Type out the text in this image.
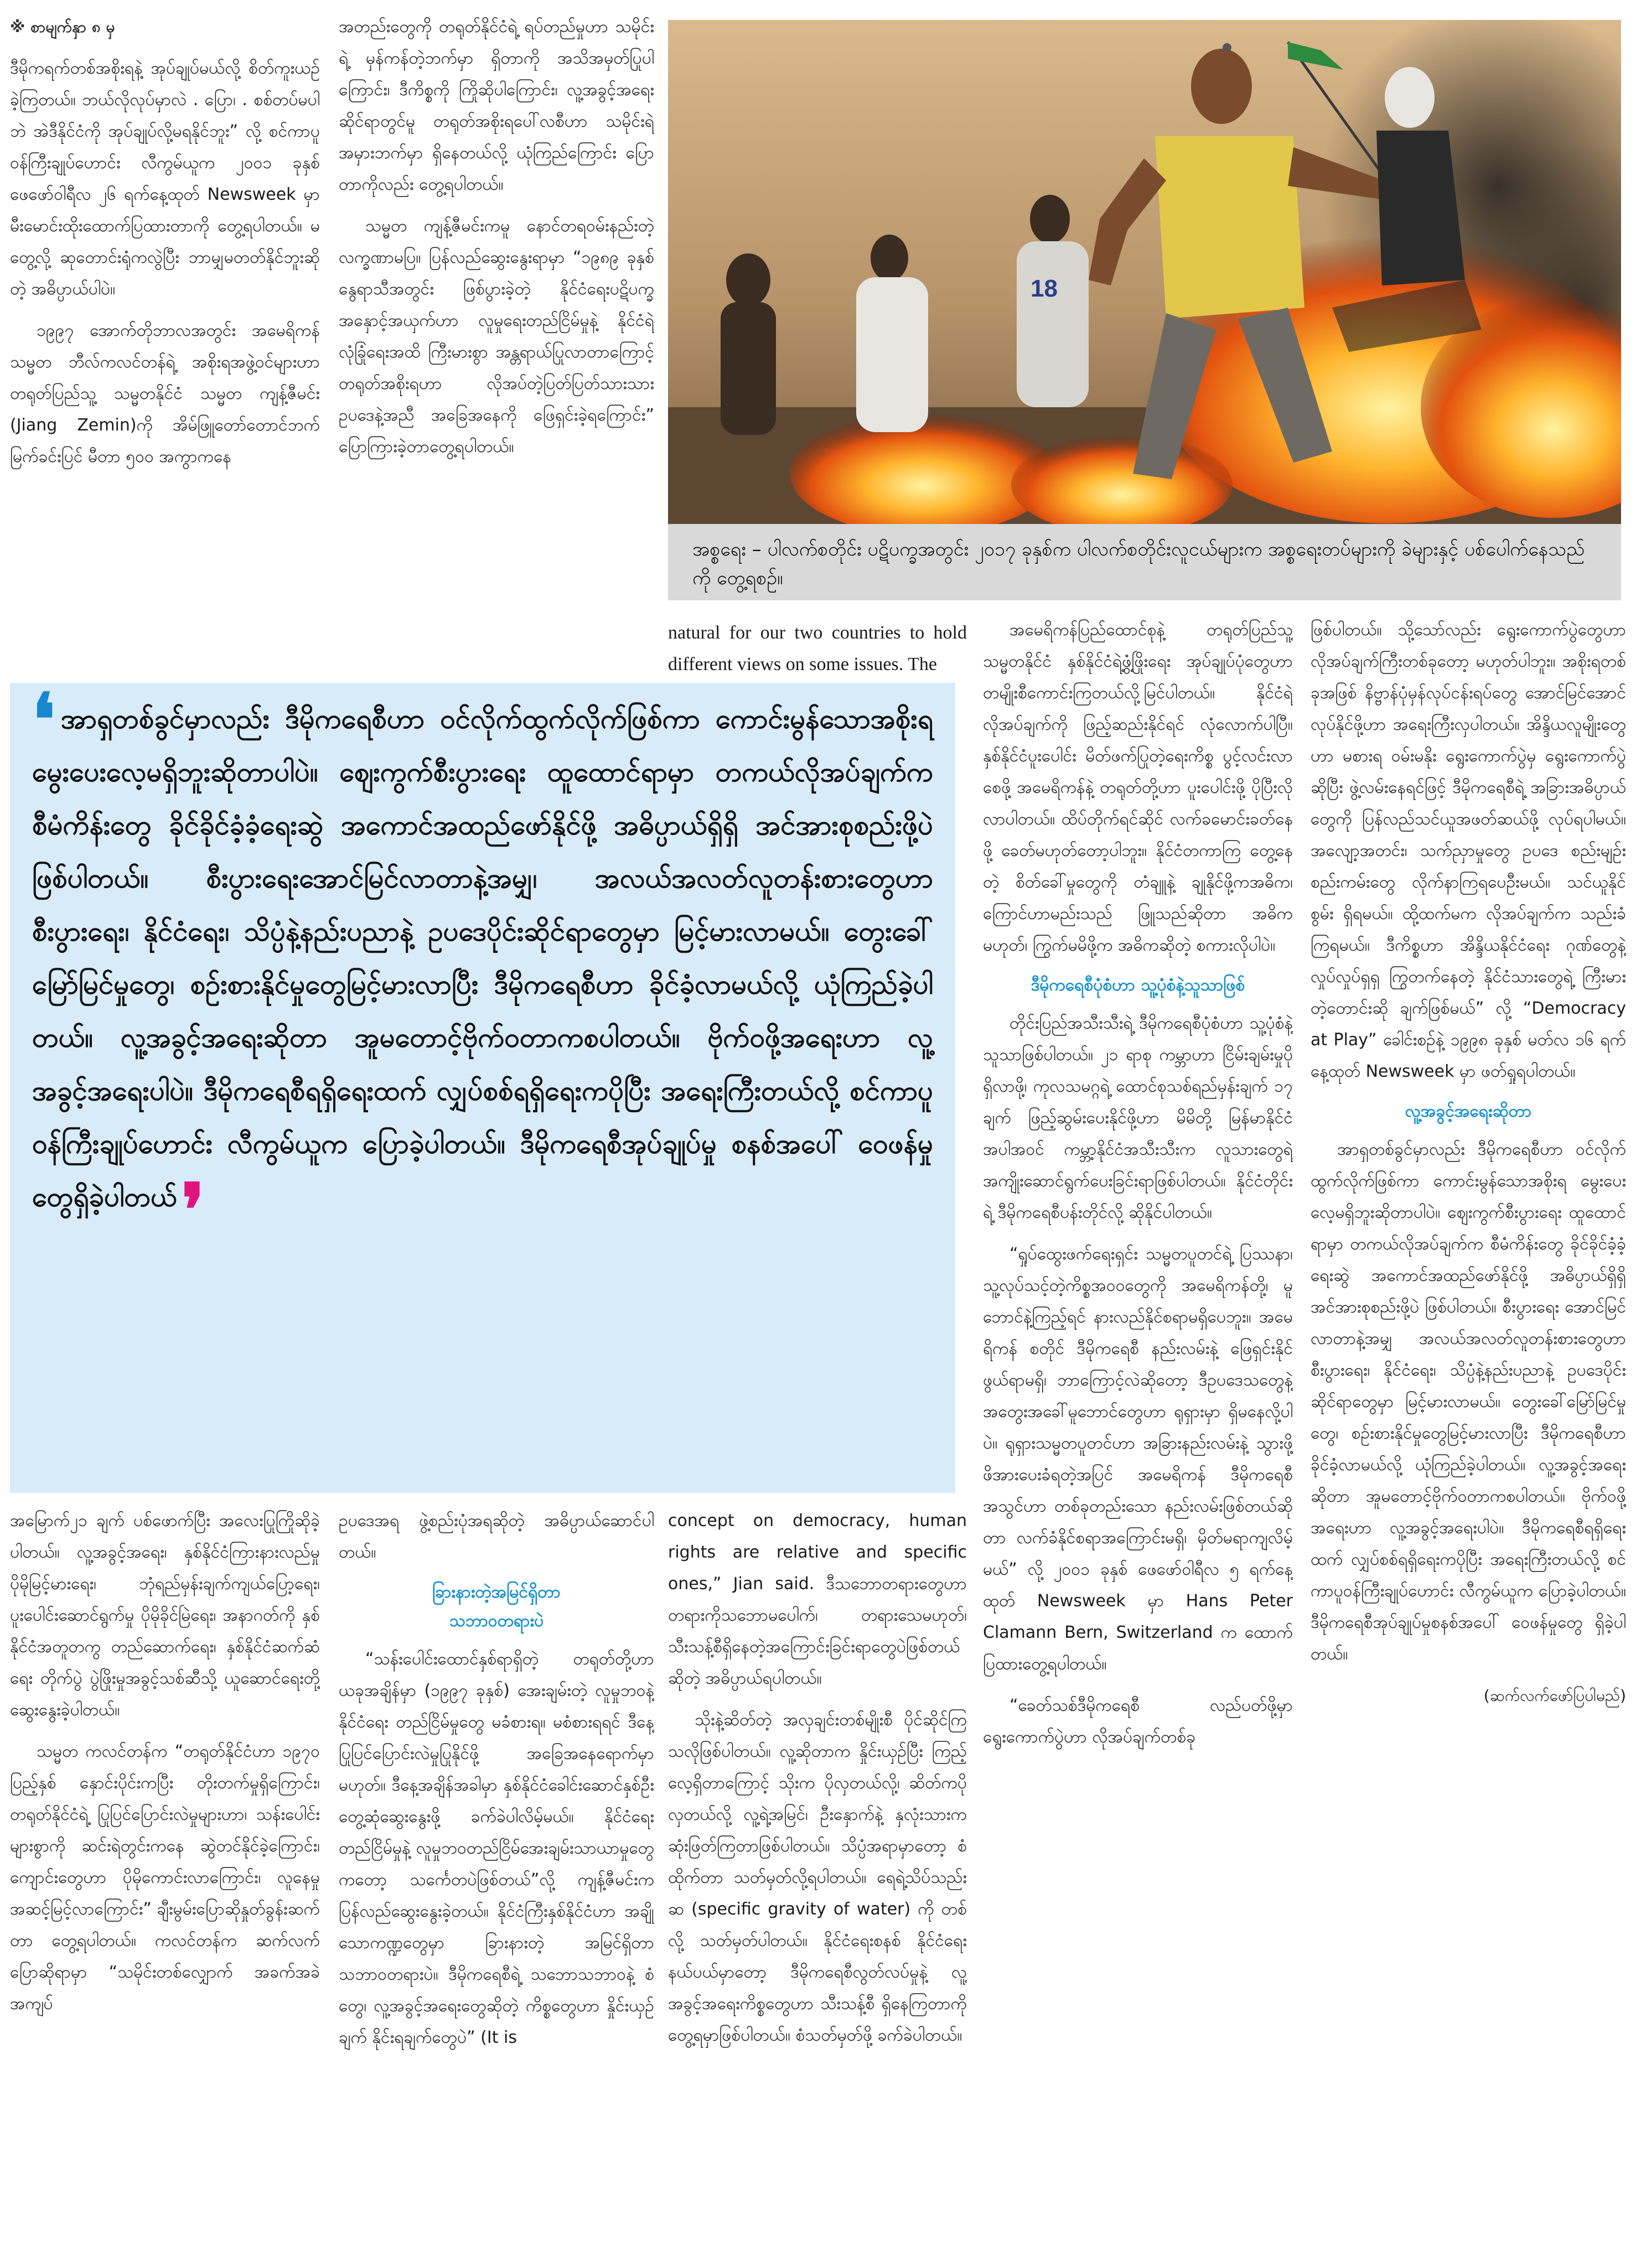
※ စာမျက်နှာ ၈ မှ

ဒီမိုကရက်တစ်အစိုးရနဲ့ အုပ်ချုပ်မယ်လို့ စိတ်ကူးယဉ်ခဲ့ကြတယ်။ ဘယ်လိုလုပ်မှာလဲ . ပြော၊ . စစ်တပ်မပါဘဲ အဲဒီနိုင်ငံကို အုပ်ချုပ်လို့မရနိုင်ဘူး” လို့ စင်ကာပူ ဝန်ကြီးချုပ်ဟောင်း လီကွမ်ယူက ၂၀၀၁ ခုနှစ် ဖေဖော်ဝါရီလ ၂၆ ရက်နေ့ထုတ် Newsweek မှာ မီးမောင်းထိုးထောက်ပြထားတာကို တွေ့ရပါတယ်။ မတွေ့လို့ ဆုတောင်းရုံကလွဲပြီး ဘာမျှမတတ်နိုင်ဘူးဆိုတဲ့ အဓိပ္ပာယ်ပါပဲ။

၁၉၉၇ အောက်တိုဘာလအတွင်း အမေရိကန်သမ္မတ ဘီလ်ကလင်တန်ရဲ့ အစိုးရအဖွဲ့ဝင်များဟာ တရုတ်ပြည်သူ့ သမ္မတနိုင်ငံ သမ္မတ ကျန့်ဇီမင်း (Jiang Zemin)ကို အိမ်ဖြူတော်တောင်ဘက် မြက်ခင်းပြင် မီတာ ၅၀၀ အကွာကနေ

အတည်းတွေကို တရုတ်နိုင်ငံရဲ့ ရပ်တည်မှုဟာ သမိုင်းရဲ့ မှန်ကန်တဲ့ဘက်မှာ ရှိတာကို အသိအမှတ်ပြုပါကြောင်း၊ ဒီကိစ္စကို ကြိုဆိုပါကြောင်း၊ လူ့အခွင့်အရေးဆိုင်ရာတွင်မူ တရုတ်အစိုးရပေါ်လစီဟာ သမိုင်းရဲ့အမှားဘက်မှာ ရှိနေတယ်လို့ ယုံကြည်ကြောင်း ပြောတာကိုလည်း တွေ့ရပါတယ်။

သမ္မတ ကျန့်ဇီမင်းကမူ နောင်တရဝမ်းနည်းတဲ့လက္ခဏာမပြ။ ပြန်လည်ဆွေးနွေးရာမှာ “၁၉၈၉ ခုနှစ် နွေရာသီအတွင်း ဖြစ်ပွားခဲ့တဲ့ နိုင်ငံရေးပဋိပက္ခ အနှောင့်အယှက်ဟာ လူမှုရေးတည်ငြိမ်မှုနဲ့ နိုင်ငံရဲ့လုံခြုံရေးအထိ ကြီးမားစွာ အန္တရာယ်ပြုလာတာကြောင့် တရုတ်အစိုးရဟာ လိုအပ်တဲ့ပြတ်ပြတ်သားသား ဥပဒေနဲ့အညီ အခြေအနေကို ဖြေရှင်းခဲ့ရကြောင်း” ပြောကြားခဲ့တာတွေ့ရပါတယ်။

18
အစ္စရေး – ပါလက်စတိုင်း ပဋိပက္ခအတွင်း ၂၀၁၇ ခုနှစ်က ပါလက်စတိုင်းလူငယ်များက အစ္စရေးတပ်များကို ခဲများနှင့် ပစ်ပေါက်နေသည်ကို တွေ့ရစဉ်။

natural for our two countries to hold different views on some issues. The

အမေရိကန်ပြည်ထောင်စုနဲ့ တရုတ်ပြည်သူ့သမ္မတနိုင်ငံ နှစ်နိုင်ငံရဲ့ဖွံ့ဖြိုးရေး အုပ်ချုပ်ပုံတွေဟာ တမျိုးစီကောင်းကြတယ်လို့မြင်ပါတယ်။ နိုင်ငံရဲ့လိုအပ်ချက်ကို ဖြည့်ဆည်းနိုင်ရင် လုံလောက်ပါပြီ။ နှစ်နိုင်ငံပူးပေါင်း မိတ်ဖက်ပြုတဲ့ရေးကိစ္စ ပွင့်လင်းလာစေဖို့ အမေရိကန်နဲ့ တရုတ်တို့ဟာ ပူးပေါင်းဖို့ ပိုပြီးလိုလာပါတယ်။ ထိပ်တိုက်ရင်ဆိုင် လက်ခမောင်းခတ်နေဖို့ ခေတ်မဟုတ်တော့ပါဘူး။ နိုင်ငံတကာကြ တွေ့နေတဲ့ စိတ်ခေါ်မှုတွေကို တံချူနဲ့ ချုနိုင်ဖို့ကအဓိက၊ ကြောင်ဟာမည်းသည် ဖြူသည်ဆိုတာ အဓိကမဟုတ်၊ ကြွက်မမိဖို့က အဓိကဆိုတဲ့ စကားလိုပါပဲ။

ဒီမိုကရေစီပုံစံဟာ သူ့ပုံစံနဲ့သူသာဖြစ်

တိုင်းပြည်အသီးသီးရဲ့ ဒီမိုကရေစီပုံစံဟာ သူ့ပုံစံနဲ့သူသာဖြစ်ပါတယ်။ ၂၁ ရာစု ကမ္ဘာဟာ ငြိမ်းချမ်းမှုပိုရှိလာဖို့၊ ကုလသမဂ္ဂရဲ့ ထောင်စုသစ်ရည်မှန်းချက် ၁၇ ချက် ဖြည့်ဆွမ်းပေးနိုင်ဖို့ဟာ မိမိတို့ မြန်မာနိုင်ငံအပါအဝင် ကမ္ဘာ့နိုင်ငံအသီးသီးက လူသားတွေရဲ့ အကျိုးဆောင်ရွက်ပေးခြင်းရာဖြစ်ပါတယ်။ နိုင်ငံတိုင်းရဲ့ ဒီမိုကရေစီပန်းတိုင်လို့ ဆိုနိုင်ပါတယ်။

“ရှုပ်ထွေးဖက်ရေးရှင်း သမ္မတပူတင်ရဲ့ ပြဿနာ၊ သူ့လုပ်သင့်တဲ့ကိစ္စအဝဝတွေကို အမေရိကန်တို့၊ မူဘောင်နဲ့ကြည့်ရင် နားလည်နိုင်စရာမရှိပေဘူး။ အမေရိကန် စတိုင် ဒီမိုကရေစီ နည်းလမ်းနဲ့ ဖြေရှင်းနိုင်ဖွယ်ရာမရှိ၊ ဘာကြောင့်လဲဆိုတော့ ဒီဥပဒေသတွေနဲ့ အတွေးအခေါ်မူဘောင်တွေဟာ ရုရှားမှာ ရှိမနေလို့ပါပဲ။ ရုရှားသမ္မတပူတင်ဟာ အခြားနည်းလမ်းနဲ့ သွားဖို့ဖိအားပေးခံရတဲ့အပြင် အမေရိကန် ဒီမိုကရေစီအသွင်ဟာ တစ်ခုတည်းသော နည်းလမ်းဖြစ်တယ်ဆိုတာ လက်ခံနိုင်စရာအကြောင်းမရှိ၊ မှိတ်မရာကျလိမ့်မယ်” လို့ ၂၀၀၁ ခုနှစ် ဖေဖော်ဝါရီလ ၅ ရက်နေ့ထုတ် Newsweek မှာ Hans Peter Clamann Bern, Switzerland က ထောက်ပြထားတွေ့ရပါတယ်။

“ခေတ်သစ်ဒီမိုကရေစီ လည်ပတ်ဖို့မှာ ရွေးကောက်ပွဲဟာ လိုအပ်ချက်တစ်ခု

ဖြစ်ပါတယ်။ သို့သော်လည်း ရွေးကောက်ပွဲတွေဟာ လိုအပ်ချက်ကြီးတစ်ခုတော့ မဟုတ်ပါဘူး။ အစိုးရတစ်ခုအဖြစ် နိဗ္ဗာန်ပုံမှန်လုပ်ငန်းရပ်တွေ အောင်မြင်အောင် လုပ်နိုင်ဖို့ဟာ အရေးကြီးလှပါတယ်။ အိန္ဒိယလူမျိုးတွေဟာ မစားရ ဝမ်းမနိုး ရွေးကောက်ပွဲမှ ရွေးကောက်ပွဲဆိုပြီး ဖွဲ့လမ်းနေရင်ဖြင့် ဒီမိုကရေစီရဲ့ အခြားအဓိပ္ပာယ်တွေကို ပြန်လည်သင်ယူအဖတ်ဆယ်ဖို့ လုပ်ရပါမယ်။ အလျော့အတင်း၊ သက်ညှာမှုတွေ ဥပဒေ စည်းမျဉ်းစည်းကမ်းတွေ လိုက်နာကြရပေဦးမယ်။ သင်ယူနိုင်စွမ်း ရှိရမယ်။ ထို့ထက်မက လိုအပ်ချက်က သည်းခံကြရမယ်။ ဒီကိစ္စဟာ အိန္ဒိယနိုင်ငံရေး ဂုဏ်တွေနဲ့ လှုပ်လှုပ်ရှရှ ကြွတက်နေတဲ့ နိုင်ငံသားတွေရဲ့ ကြီးမားတဲ့တောင်းဆို ချက်ဖြစ်မယ်” လို့ “Democracy at Play” ခေါင်းစဉ်နဲ့ ၁၉၉၈ ခုနှစ် မတ်လ ၁၆ ရက်နေ့ထုတ် Newsweek မှာ ဖတ်ရှုရပါတယ်။

လူ့အခွင့်အရေးဆိုတာ

အာရှတစ်ခွင်မှာလည်း ဒီမိုကရေစီဟာ ဝင်လိုက်ထွက်လိုက်ဖြစ်ကာ ကောင်းမွန်သောအစိုးရ မွေးပေးလေ့မရှိဘူးဆိုတာပါပဲ။ ဈေးကွက်စီးပွားရေး ထူထောင်ရာမှာ တကယ်လိုအပ်ချက်က စီမံကိန်းတွေ ခိုင်ခိုင်ခံ့ခံ့ရေးဆွဲ အကောင်အထည်ဖော်နိုင်ဖို့ အဓိပ္ပာယ်ရှိရှိ အင်အားစုစည်းဖို့ပဲ ဖြစ်ပါတယ်။ စီးပွားရေး အောင်မြင်လာတာနဲ့အမျှ အလယ်အလတ်လူတန်းစားတွေဟာ စီးပွားရေး၊ နိုင်ငံရေး၊ သိပ္ပံနဲ့နည်းပညာနဲ့ ဥပဒေပိုင်းဆိုင်ရာတွေမှာ မြင့်မားလာမယ်။ တွေးခေါ်မြော်မြင်မှုတွေ၊ စဉ်းစားနိုင်မှုတွေမြင့်မားလာပြီး ဒီမိုကရေစီဟာ ခိုင်ခံ့လာမယ်လို့ ယုံကြည်ခဲ့ပါတယ်။ လူ့အခွင့်အရေးဆိုတာ အူမတောင့်ဗိုက်ဝတာကစပါတယ်။ ဗိုက်ဝဖို့အရေးဟာ လူ့အခွင့်အရေးပါပဲ။ ဒီမိုကရေစီရရှိရေးထက် လျှပ်စစ်ရရှိရေးကပိုပြီး အရေးကြီးတယ်လို့ စင်ကာပူဝန်ကြီးချုပ်ဟောင်း လီကွမ်ယူက ပြောခဲ့ပါတယ်။ ဒီမိုကရေစီအုပ်ချုပ်မှုစနစ်အပေါ် ဝေဖန်မှုတွေ ရှိခဲ့ပါတယ်။

(ဆက်လက်ဖော်ပြပါမည်)
❛ အာရှတစ်ခွင်မှာလည်း ဒီမိုကရေစီဟာ ဝင်လိုက်ထွက်လိုက်ဖြစ်ကာ ကောင်းမွန်သောအစိုးရ မွေးပေးလေ့မရှိဘူးဆိုတာပါပဲ။ ဈေးကွက်စီးပွားရေး ထူထောင်ရာမှာ တကယ်လိုအပ်ချက်က စီမံကိန်းတွေ ခိုင်ခိုင်ခံ့ခံ့ရေးဆွဲ အကောင်အထည်ဖော်နိုင်ဖို့ အဓိပ္ပာယ်ရှိရှိ အင်အားစုစည်းဖို့ပဲ ဖြစ်ပါတယ်။ စီးပွားရေးအောင်မြင်လာတာနဲ့အမျှ၊ အလယ်အလတ်လူတန်းစားတွေဟာ စီးပွားရေး၊ နိုင်ငံရေး၊ သိပ္ပံနဲ့နည်းပညာနဲ့ ဥပဒေပိုင်းဆိုင်ရာတွေမှာ မြင့်မားလာမယ်။ တွေးခေါ်မြော်မြင်မှုတွေ၊ စဉ်းစားနိုင်မှုတွေမြင့်မားလာပြီး ဒီမိုကရေစီဟာ ခိုင်ခံ့လာမယ်လို့ ယုံကြည်ခဲ့ပါတယ်။ လူ့အခွင့်အရေးဆိုတာ အူမတောင့်ဗိုက်ဝတာကစပါတယ်။ ဗိုက်ဝဖို့အရေးဟာ လူ့အခွင့်အရေးပါပဲ။ ဒီမိုကရေစီရရှိရေးထက် လျှပ်စစ်ရရှိရေးကပိုပြီး အရေးကြီးတယ်လို့ စင်ကာပူ ဝန်ကြီးချုပ်ဟောင်း လီကွမ်ယူက ပြောခဲ့ပါတယ်။ ဒီမိုကရေစီအုပ်ချုပ်မှု စနစ်အပေါ် ဝေဖန်မှုတွေရှိခဲ့ပါတယ်❜

အမြောက်၂၁ ချက် ပစ်ဖောက်ပြီး အလေးပြုကြိုဆိုခဲ့ပါတယ်။ လူ့အခွင့်အရေး၊ နှစ်နိုင်ငံကြားနားလည်မှု ပိုမိုမြင့်မားရေး၊ ဘုံရည်မှန်းချက်ကျယ်ပြော့ရေး၊ ပူးပေါင်းဆောင်ရွက်မှု ပိုမိုခိုင်မြဲရေး၊ အနာဂတ်ကို နှစ်နိုင်ငံအတူတကွ တည်ဆောက်ရေး၊ နှစ်နိုင်ငံဆက်ဆံရေး တိုက်ပွဲ ပွဲဖြိုးမှုအခွင့်သစ်ဆီသို့ ယူဆောင်ရေးတို့ ဆွေးနွေးခဲ့ပါတယ်။

သမ္မတ ကလင်တန်က “တရုတ်နိုင်ငံဟာ ၁၉၇၀ ပြည့်နှစ် နှောင်းပိုင်းကပြီး တိုးတက်မှုရှိကြောင်း၊ တရုတ်နိုင်ငံရဲ့ ပြုပြင်ပြောင်းလဲမှုများဟာ၊ သန်းပေါင်းများစွာကို ဆင်းရဲတွင်းကနေ ဆွဲတင်နိုင်ခဲ့ကြောင်း၊ ကျောင်းတွေဟာ ပိုမိုကောင်းလာကြောင်း၊ လူနေမှုအဆင့်မြင့်လာကြောင်း” ချီးမွမ်းပြောဆိုနှုတ်ခွန်းဆက်တာ တွေ့ရပါတယ်။ ကလင်တန်က ဆက်လက်ပြောဆိုရာမှာ “သမိုင်းတစ်လျှောက် အခက်အခဲအကျပ်

ဥပဒေအရ ဖွဲ့စည်းပုံအရဆိုတဲ့ အဓိပ္ပာယ်ဆောင်ပါတယ်။

ခြားနားတဲ့အမြင်ရှိတာ
သဘာဝတရားပဲ

“သန်းပေါင်းထောင်နှစ်ရာရှိတဲ့ တရုတ်တို့ဟာ ယခုအချိန်မှာ (၁၉၉၇ ခုနှစ်) အေးချမ်းတဲ့ လူမှုဘဝနဲ့ နိုင်ငံရေး တည်ငြိမ်မှုတွေ မခံစားရ။ မစံစားရရင် ဒီနေ့ပြုပြင်ပြောင်းလဲမှုပြုနိုင်ဖို့ အခြေအနေရောက်မှာမဟုတ်။ ဒီနေ့အချိန်အခါမှာ နှစ်နိုင်ငံခေါင်းဆောင်နှစ်ဦး တွေ့ဆုံဆွေးနွေးဖို့ ခက်ခဲပါလိမ့်မယ်။ နိုင်ငံရေးတည်ငြိမ်မှုနဲ့ လူမှုဘဝတည်ငြိမ်အေးချမ်းသာယာမှုတွေကတော့ သင်္ကေတပဲဖြစ်တယ်”လို့ ကျန့်ဇီမင်းက ပြန်လည်ဆွေးနွေးခဲ့တယ်။ နိုင်ငံကြီးနှစ်နိုင်ငံဟာ အချို့သောကဏ္ဍတွေမှာ ခြားနားတဲ့ အမြင်ရှိတာ သဘာဝတရားပဲ။ ဒီမိုကရေစီရဲ့ သဘောသဘာဝနဲ့ စံတွေ၊ လူ့အခွင့်အရေးတွေဆိုတဲ့ ကိစ္စတွေဟာ နှိုင်းယှဉ်ချက် နိုင်းရချက်တွေပဲ” (It is

concept on democracy, human rights are relative and specific ones,” Jian said. ဒီသဘောတရားတွေဟာ တရားကိုသဘောမပေါက်၊ တရားသေမဟုတ်၊ သီးသန့်စီရှိနေတဲ့အကြောင်းခြင်းရာတွေပဲဖြစ်တယ်ဆိုတဲ့ အဓိပ္ပာယ်ရပါတယ်။

သိုးနဲ့ဆိတ်တဲ့ အလှချင်းတစ်မျိုးစီ ပိုင်ဆိုင်ကြသလိုဖြစ်ပါတယ်။ လူ့ဆိုတာက နှိုင်းယှဉ်ပြီး ကြည့်လေ့ရှိတာကြောင့် သိုးက ပိုလှတယ်လို့၊ ဆိတ်ကပိုလှတယ်လို့ လူ့ရဲ့အမြင်၊ ဦးနှောက်နဲ့ နှလုံးသားက ဆုံးဖြတ်ကြတာဖြစ်ပါတယ်။ သိပ္ပံအရာမှာတော့ စံထိုက်တာ သတ်မှတ်လို့ရပါတယ်။ ရေရဲ့သိပ်သည်းဆ (specific gravity of water) ကို တစ်လို့ သတ်မှတ်ပါတယ်။ နိုင်ငံရေးစနစ် နိုင်ငံရေးနယ်ပယ်မှာတော့ ဒီမိုကရေစီလွတ်လပ်မှုနဲ့ လူ့အခွင့်အရေးကိစ္စတွေဟာ သီးသန့်စီ ရှိနေကြတာကို တွေ့ရမှာဖြစ်ပါတယ်။ စံသတ်မှတ်ဖို့ ခက်ခဲပါတယ်။
